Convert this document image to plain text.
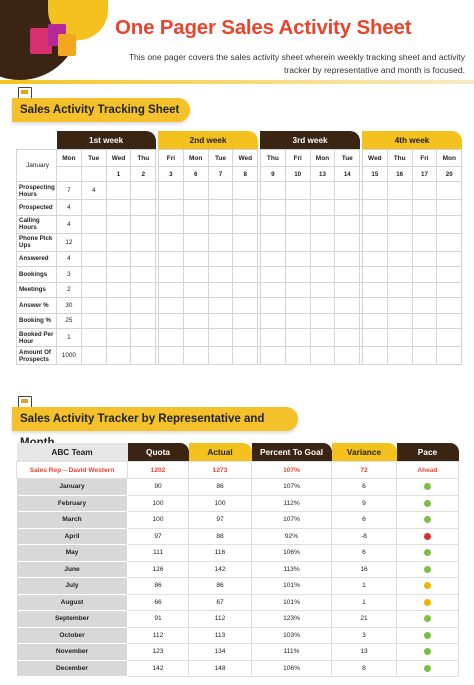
One Pager Sales Activity Sheet
This one pager covers the sales activity sheet wherein weekly tracking sheet and activity tracker by representative and month is focused.
Sales Activity Tracking Sheet
	1st week					2nd week					3rd week					4th week			
January	Mon	Tue	Wed	Thu		Fri	Mon	Tue	Wed		Thu	Fri	Mon	Tue		Wed	Thu	Fri	Mon
			1	2		3	6	7	8		9	10	13	14		15	16	17	20
Prospecting Hours	7	4																	
Prospected	4																		
Calling Hours	4																		
Phone Pick Ups	12																		
Answered	4																		
Bookings	3																		
Meetings	2																		
Answer %	30																		
Booking %	25																		
Booked Per Hour	1																		
Amount Of Prospects	1000																		
Sales Activity Tracker by Representative and
ABC Team	Quota	Actual	Percent To Goal	Variance	Pace
Sales Rep – David Western	1202	1273	107%	72	Ahead
January	90	86	107%	6	
February	100	100	112%	9	
March	100	97	107%	6	
April	97	88	92%	-8	
May	111	116	106%	6	
June	126	142	113%	16	
July	86	86	101%	1	
August	66	67	101%	1	
September	91	112	123%	21	
October	112	113	103%	3	
November	123	134	111%	13	
December	142	148	106%	8	
